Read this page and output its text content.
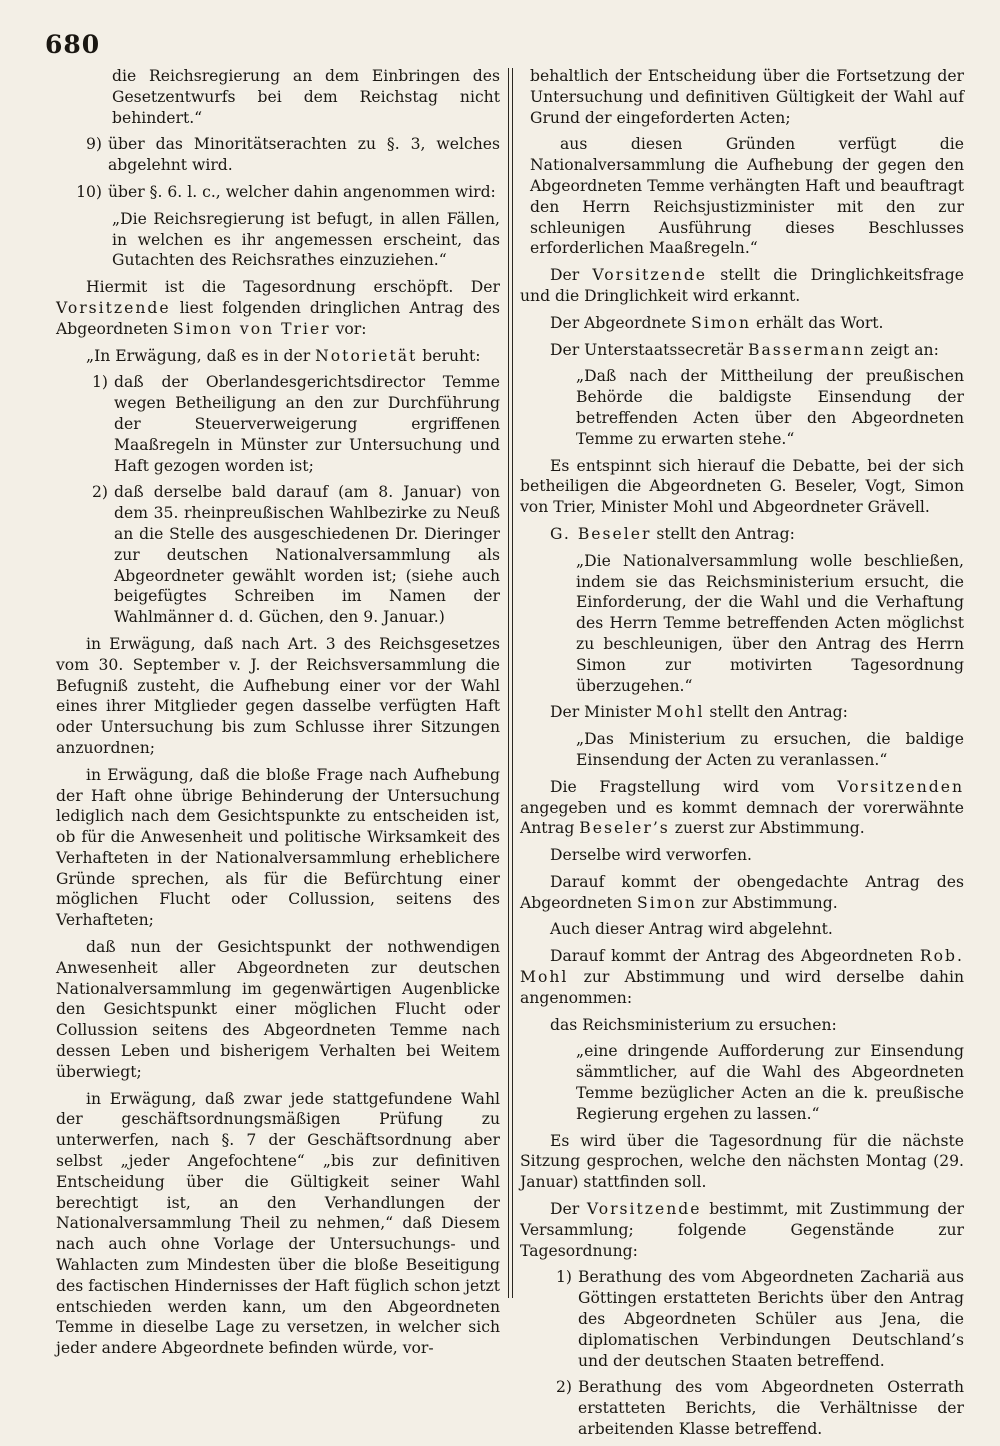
680

die Reichsregierung an dem Einbringen des Gesetzentwurfs bei dem Reichstag nicht behindert.“

9) über das Minoritätserachten zu §. 3, welches abgelehnt wird.
10) über §. 6. l. c., welcher dahin angenommen wird:

„Die Reichsregierung ist befugt, in allen Fällen, in welchen es ihr angemessen erscheint, das Gutachten des Reichsrathes einzuziehen.“

Hiermit ist die Tagesordnung erschöpft. Der Vorsitzende liest folgenden dringlichen Antrag des Abgeordneten Simon von Trier vor:

„In Erwägung, daß es in der Notorietät beruht:

1) daß der Oberlandesgerichtsdirector Temme wegen Betheiligung an den zur Durchführung der Steuerverweigerung ergriffenen Maaßregeln in Münster zur Untersuchung und Haft gezogen worden ist;
2) daß derselbe bald darauf (am 8. Januar) von dem 35. rheinpreußischen Wahlbezirke zu Neuß an die Stelle des ausgeschiedenen Dr. Dieringer zur deutschen Nationalversammlung als Abgeordneter gewählt worden ist; (siehe auch beigefügtes Schreiben im Namen der Wahlmänner d. d. Güchen, den 9. Januar.)

in Erwägung, daß nach Art. 3 des Reichsgesetzes vom 30. September v. J. der Reichsversammlung die Befugniß zusteht, die Aufhebung einer vor der Wahl eines ihrer Mitglieder gegen dasselbe verfügten Haft oder Untersuchung bis zum Schlusse ihrer Sitzungen anzuordnen;

in Erwägung, daß die bloße Frage nach Aufhebung der Haft ohne übrige Behinderung der Untersuchung lediglich nach dem Gesichtspunkte zu entscheiden ist, ob für die Anwesenheit und politische Wirksamkeit des Verhafteten in der Nationalversammlung erheblichere Gründe sprechen, als für die Befürchtung einer möglichen Flucht oder Collussion, seitens des Verhafteten;

daß nun der Gesichtspunkt der nothwendigen Anwesenheit aller Abgeordneten zur deutschen Nationalversammlung im gegenwärtigen Augenblicke den Gesichtspunkt einer möglichen Flucht oder Collussion seitens des Abgeordneten Temme nach dessen Leben und bisherigem Verhalten bei Weitem überwiegt;

in Erwägung, daß zwar jede stattgefundene Wahl der geschäftsordnungsmäßigen Prüfung zu unterwerfen, nach §. 7 der Geschäftsordnung aber selbst „jeder Angefochtene“ „bis zur definitiven Entscheidung über die Gültigkeit seiner Wahl berechtigt ist, an den Verhandlungen der Nationalversammlung Theil zu nehmen,“ daß Diesem nach auch ohne Vorlage der Untersuchungs- und Wahlacten zum Mindesten über die bloße Beseitigung des factischen Hindernisses der Haft füglich schon jetzt entschieden werden kann, um den Abgeordneten Temme in dieselbe Lage zu versetzen, in welcher sich jeder andere Abgeordnete befinden würde, vor-

behaltlich der Entscheidung über die Fortsetzung der Untersuchung und definitiven Gültigkeit der Wahl auf Grund der eingeforderten Acten;

aus diesen Gründen verfügt die Nationalversammlung die Aufhebung der gegen den Abgeordneten Temme verhängten Haft und beauftragt den Herrn Reichsjustizminister mit den zur schleunigen Ausführung dieses Beschlusses erforderlichen Maaßregeln.“

Der Vorsitzende stellt die Dringlichkeitsfrage und die Dringlichkeit wird erkannt.

Der Abgeordnete Simon erhält das Wort.

Der Unterstaatssecretär Bassermann zeigt an:

„Daß nach der Mittheilung der preußischen Behörde die baldigste Einsendung der betreffenden Acten über den Abgeordneten Temme zu erwarten stehe.“

Es entspinnt sich hierauf die Debatte, bei der sich betheiligen die Abgeordneten G. Beseler, Vogt, Simon von Trier, Minister Mohl und Abgeordneter Grävell.

G. Beseler stellt den Antrag:

„Die Nationalversammlung wolle beschließen, indem sie das Reichsministerium ersucht, die Einforderung, der die Wahl und die Verhaftung des Herrn Temme betreffenden Acten möglichst zu beschleunigen, über den Antrag des Herrn Simon zur motivirten Tagesordnung überzugehen.“

Der Minister Mohl stellt den Antrag:

„Das Ministerium zu ersuchen, die baldige Einsendung der Acten zu veranlassen.“

Die Fragstellung wird vom Vorsitzenden angegeben und es kommt demnach der vorerwähnte Antrag Beseler’s zuerst zur Abstimmung.

Derselbe wird verworfen.

Darauf kommt der obengedachte Antrag des Abgeordneten Simon zur Abstimmung.

Auch dieser Antrag wird abgelehnt.

Darauf kommt der Antrag des Abgeordneten Rob. Mohl zur Abstimmung und wird derselbe dahin angenommen:

das Reichsministerium zu ersuchen:

„eine dringende Aufforderung zur Einsendung sämmtlicher, auf die Wahl des Abgeordneten Temme bezüglicher Acten an die k. preußische Regierung ergehen zu lassen.“

Es wird über die Tagesordnung für die nächste Sitzung gesprochen, welche den nächsten Montag (29. Januar) stattfinden soll.

Der Vorsitzende bestimmt, mit Zustimmung der Versammlung; folgende Gegenstände zur Tagesordnung:

1) Berathung des vom Abgeordneten Zachariä aus Göttingen erstatteten Berichts über den Antrag des Abgeordneten Schüler aus Jena, die diplomatischen Verbindungen Deutschland’s und der deutschen Staaten betreffend.
2) Berathung des vom Abgeordneten Osterrath erstatteten Berichts, die Verhältnisse der arbeitenden Klasse betreffend.
